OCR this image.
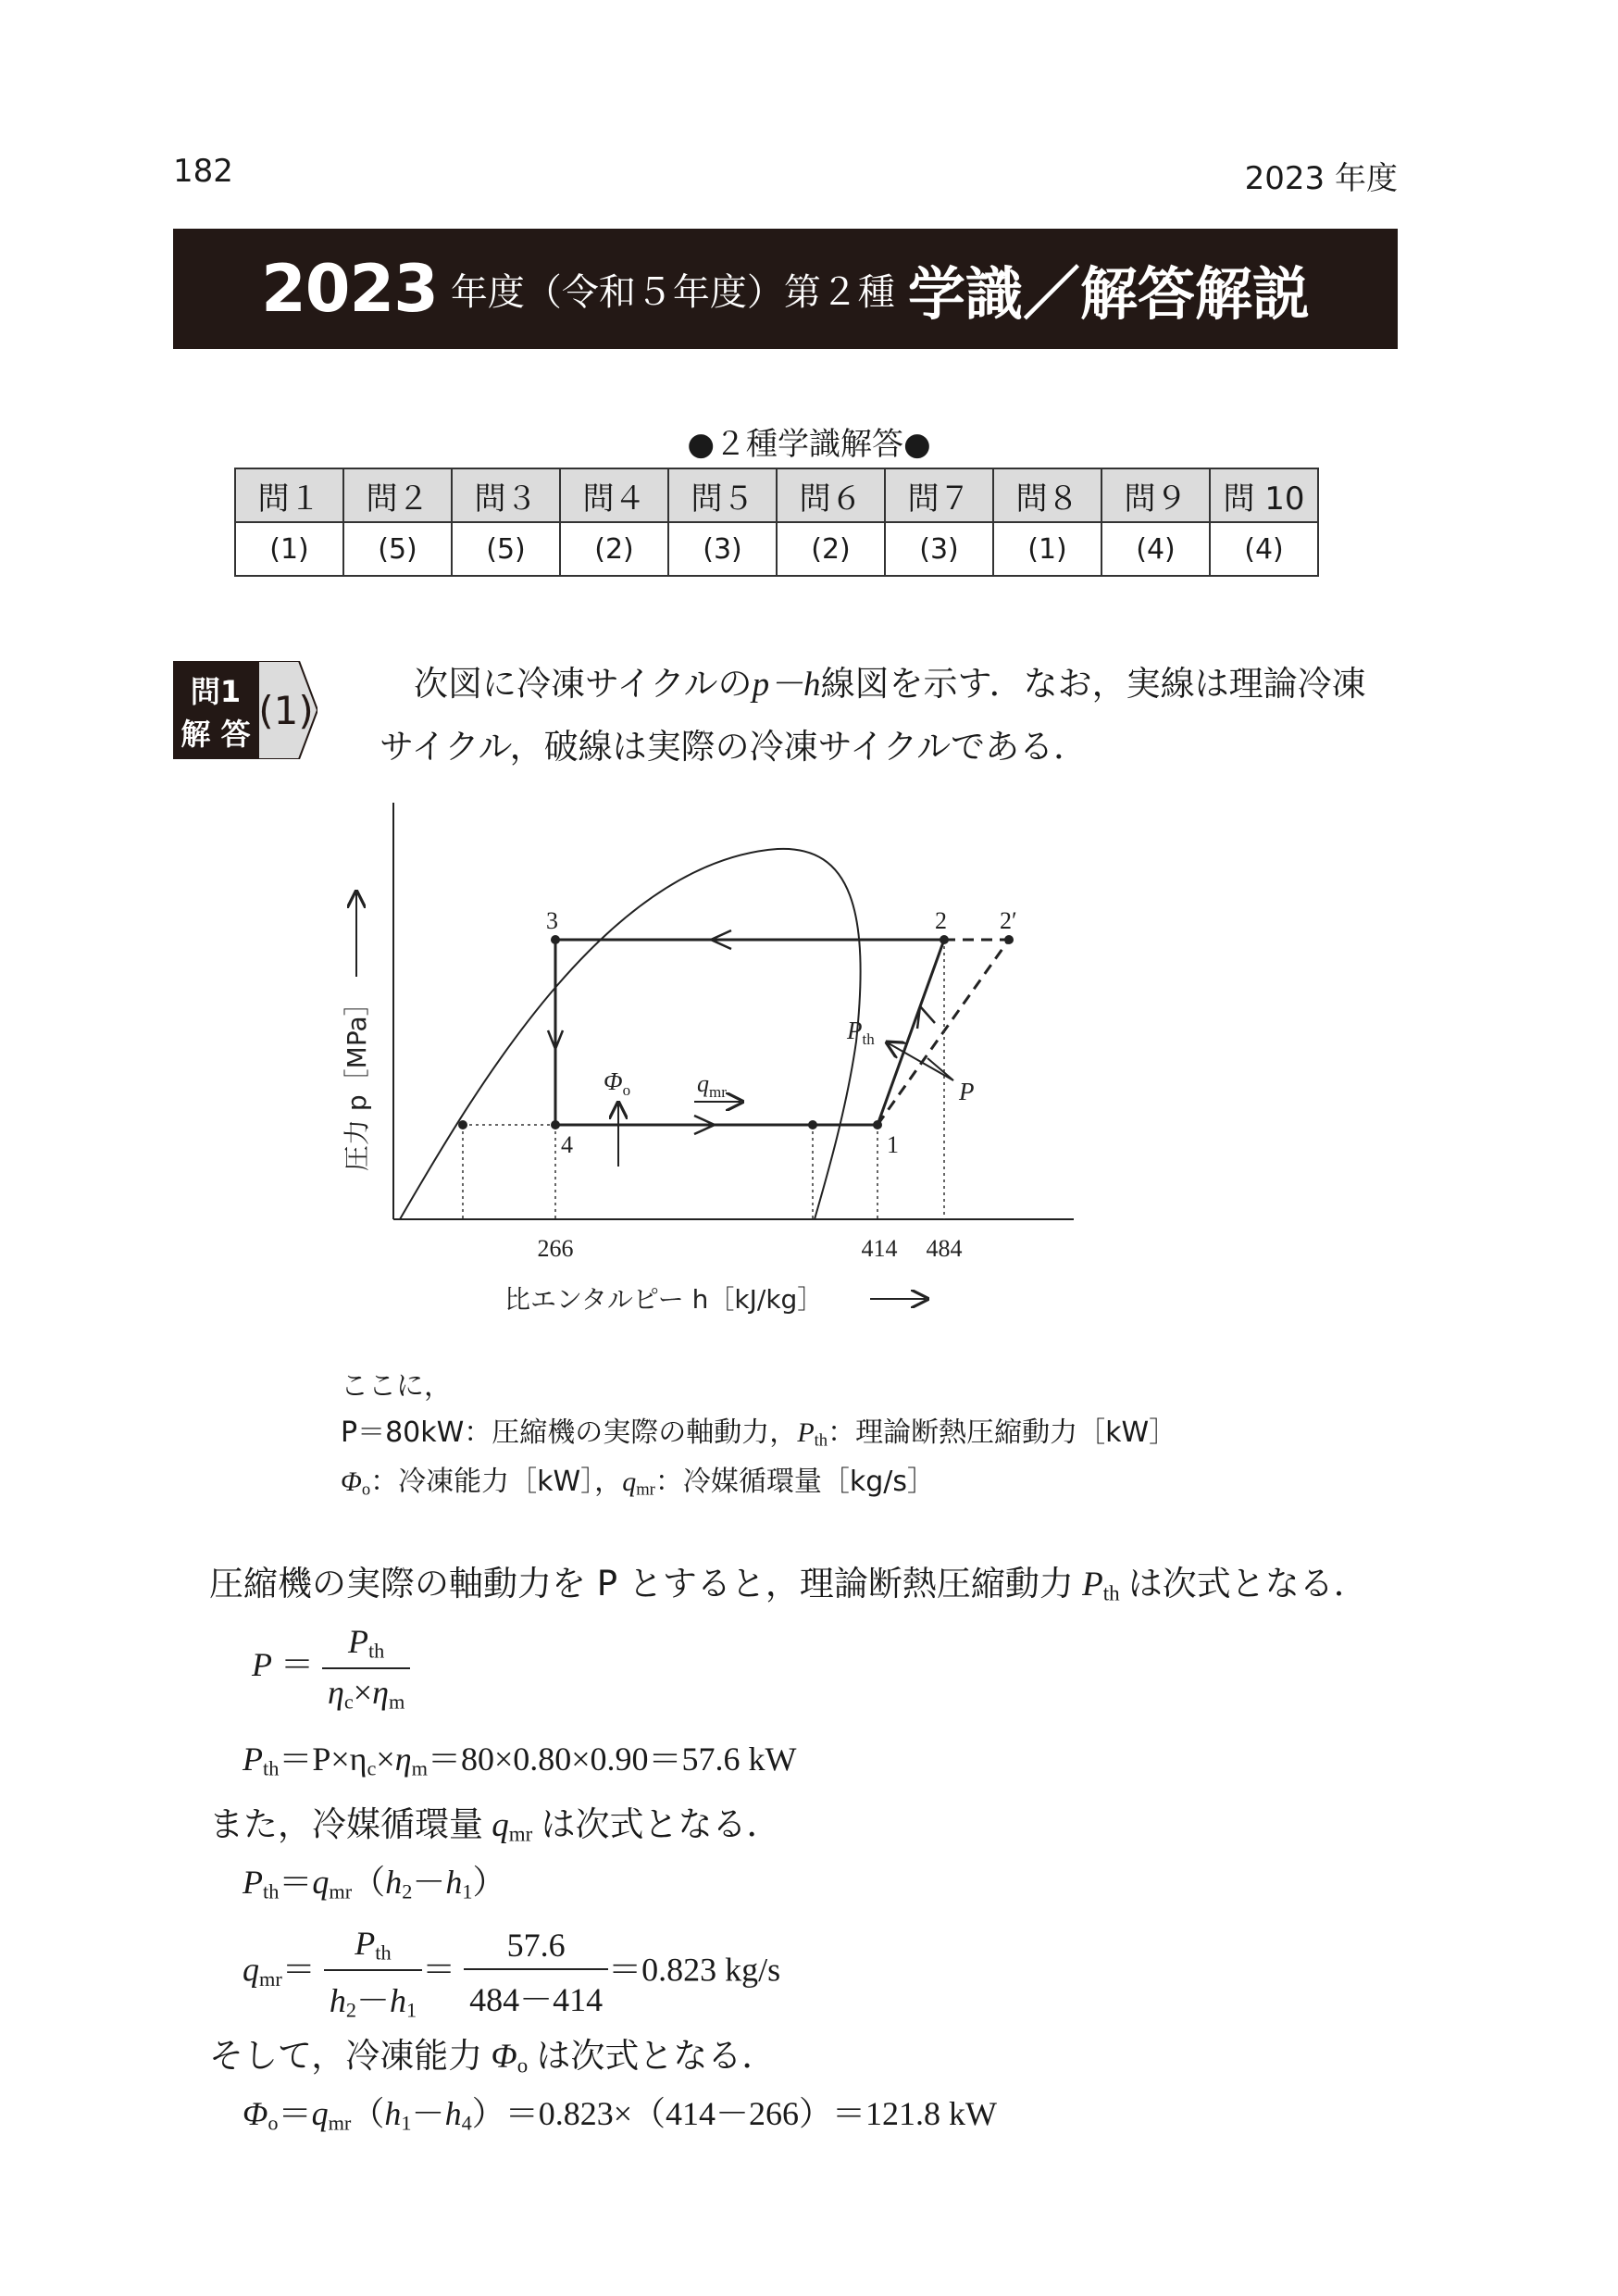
182	2023 年度
2023 年度（令和５年度）第２種 学識／解答解説
●２種学識解答●
問１	問２	問３	問４	問５	問６	問７	問８	問９	問 10
(1)	(5)	(5)	(2)	(3)	(2)	(3)	(1)	(4)	(4)
問1
解 答
(1)
次図に冷凍サイクルのp－h線図を示す．なお，実線は理論冷凍
サイクル，破線は実際の冷凍サイクルである．
1
2 2′
3
4
$\Phi_o$	$q_{mr}$
$P_{th}$
P
266	414 484
比エンタルピー h［kJ/kg］
圧力 p［MPa］
ここに，
P＝80kW：圧縮機の実際の軸動力，$P_{th}$：理論断熱圧縮動力［kW］
$\Phi_o$：冷凍能力［kW］，$q_{mr}$：冷媒循環量［kg/s］
圧縮機の実際の軸動力を P とすると，理論断熱圧縮動力 $P_{th}$ は次式となる．
$P = \frac{P_{th}}{\eta_c\times\eta_m}$
$P_{th}=P\times\eta_c\times\eta_m=80\times 0.80\times 0.90=57.6$ kW
また，冷媒循環量 $q_{mr}$ は次式となる．
$P_{th}=q_{mr}(h_2-h_1)$
$q_{mr}= \frac{P_{th}}{h_2-h_1} = \frac{57.6}{484-414} =0.823$ kg/s
そして，冷凍能力 $\Phi_o$ は次式となる．
$\Phi_o=q_{mr}(h_1-h_4)=0.823\times(414-266)=121.8$ kW
